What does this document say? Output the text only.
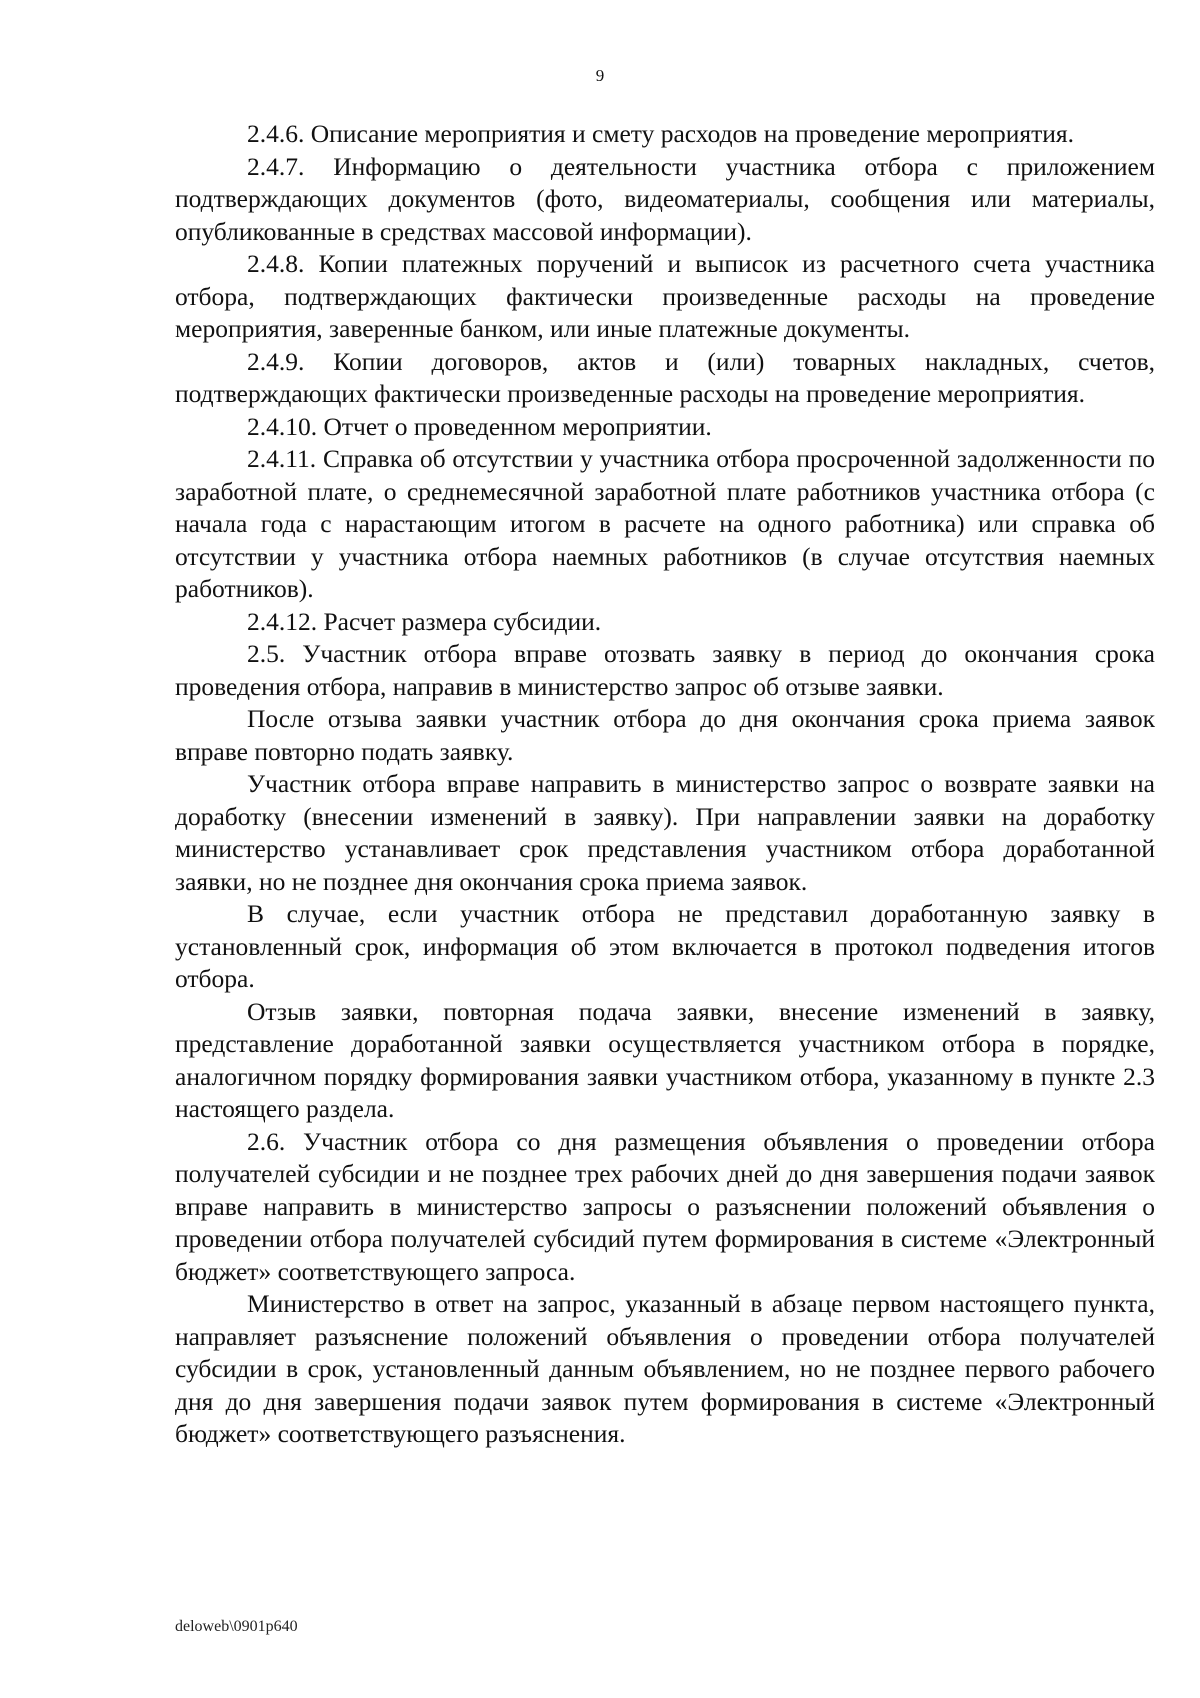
9

2.4.6. Описание мероприятия и смету расходов на проведение мероприятия.

2.4.7. Информацию о деятельности участника отбора с приложением подтверждающих документов (фото, видеоматериалы, сообщения или материалы, опубликованные в средствах массовой информации).

2.4.8. Копии платежных поручений и выписок из расчетного счета участника отбора, подтверждающих фактически произведенные расходы на проведение мероприятия, заверенные банком, или иные платежные документы.

2.4.9. Копии договоров, актов и (или) товарных накладных, счетов, подтверждающих фактически произведенные расходы на проведение мероприятия.

2.4.10. Отчет о проведенном мероприятии.

2.4.11. Справка об отсутствии у участника отбора просроченной задолженности по заработной плате, о среднемесячной заработной плате работников участника отбора (с начала года с нарастающим итогом в расчете на одного работника) или справка об отсутствии у участника отбора наемных работников (в случае отсутствия наемных работников).

2.4.12. Расчет размера субсидии.

2.5. Участник отбора вправе отозвать заявку в период до окончания срока проведения отбора, направив в министерство запрос об отзыве заявки.

После отзыва заявки участник отбора до дня окончания срока приема заявок вправе повторно подать заявку.

Участник отбора вправе направить в министерство запрос о возврате заявки на доработку (внесении изменений в заявку). При направлении заявки на доработку министерство устанавливает срок представления участником отбора доработанной заявки, но не позднее дня окончания срока приема заявок.

В случае, если участник отбора не представил доработанную заявку в установленный срок, информация об этом включается в протокол подведения итогов отбора.

Отзыв заявки, повторная подача заявки, внесение изменений в заявку, представление доработанной заявки осуществляется участником отбора в порядке, аналогичном порядку формирования заявки участником отбора, указанному в пункте 2.3 настоящего раздела.

2.6. Участник отбора со дня размещения объявления о проведении отбора получателей субсидии и не позднее трех рабочих дней до дня завершения подачи заявок вправе направить в министерство запросы о разъяснении положений объявления о проведении отбора получателей субсидий путем формирования в системе «Электронный бюджет» соответствующего запроса.

Министерство в ответ на запрос, указанный в абзаце первом настоящего пункта, направляет разъяснение положений объявления о проведении отбора получателей субсидии в срок, установленный данным объявлением, но не позднее первого рабочего дня до дня завершения подачи заявок путем формирования в системе «Электронный бюджет» соответствующего разъяснения.

deloweb\0901p640
